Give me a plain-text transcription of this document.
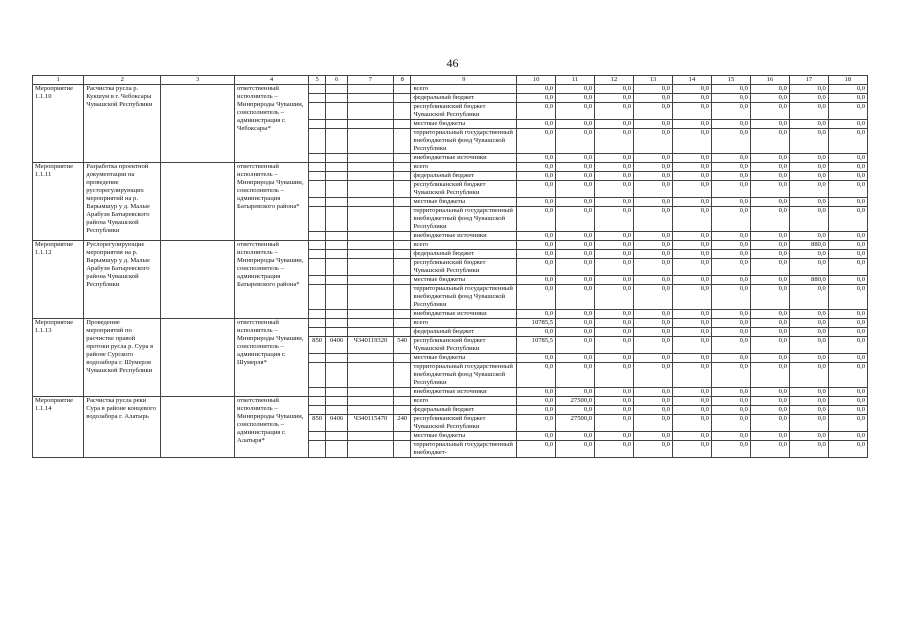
46
1	2	3	4	5	6	7	8	9	10	11	12	13	14	15	16	17	18
Мероприятие 1.1.10	Расчистка русла р. Кукшум в г. Чебоксары Чувашской Республики		ответственный исполнитель – Минприроды Чувашии, соисполнитель – администрация г. Чебоксары*					всего	0,0	0,0	0,0	0,0	0,0	0,0	0,0	0,0	0,0
								федеральный бюджет	0,0	0,0	0,0	0,0	0,0	0,0	0,0	0,0	0,0
								республиканский бюджет Чувашской Республики	0,0	0,0	0,0	0,0	0,0	0,0	0,0	0,0	0,0
								местные бюджеты	0,0	0,0	0,0	0,0	0,0	0,0	0,0	0,0	0,0
								территориальный государственный внебюджетный фонд Чувашской Республики	0,0	0,0	0,0	0,0	0,0	0,0	0,0	0,0	0,0
								внебюджетные источники	0,0	0,0	0,0	0,0	0,0	0,0	0,0	0,0	0,0
Мероприятие 1.1.11	Разработка проектной документации на проведение русторегулирующих мероприятий на р. Варымшур у д. Малые Арабузи Батыревского района Чувашской Республики		ответственный исполнитель – Минприроды Чувашии, соисполнитель – администрация Батыревского района*					всего	0,0	0,0	0,0	0,0	0,0	0,0	0,0	0,0	0,0
								федеральный бюджет	0,0	0,0	0,0	0,0	0,0	0,0	0,0	0,0	0,0
								республиканский бюджет Чувашской Республики	0,0	0,0	0,0	0,0	0,0	0,0	0,0	0,0	0,0
								местные бюджеты	0,0	0,0	0,0	0,0	0,0	0,0	0,0	0,0	0,0
								территориальный государственный внебюджетный фонд Чувашской Республики	0,0	0,0	0,0	0,0	0,0	0,0	0,0	0,0	0,0
								внебюджетные источники	0,0	0,0	0,0	0,0	0,0	0,0	0,0	0,0	0,0
Мероприятие 1.1.12	Руслорегулирующие мероприятия на р. Варымшур у д. Малые Арабузи Батыревского района Чувашской Республики		ответственный исполнитель – Минприроды Чувашии, соисполнитель – администрация Батыревского района*					всего	0,0	0,0	0,0	0,0	0,0	0,0	0,0	880,0	0,0
								федеральный бюджет	0,0	0,0	0,0	0,0	0,0	0,0	0,0	0,0	0,0
								республиканский бюджет Чувашской Республики	0,0	0,0	0,0	0,0	0,0	0,0	0,0	0,0	0,0
								местные бюджеты	0,0	0,0	0,0	0,0	0,0	0,0	0,0	880,0	0,0
								территориальный государственный внебюджетный фонд Чувашской Республики	0,0	0,0	0,0	0,0	0,0	0,0	0,0	0,0	0,0
								внебюджетные источники	0,0	0,0	0,0	0,0	0,0	0,0	0,0	0,0	0,0
Мероприятие 1.1.13	Проведение мероприятий по расчистке правой протоки русла р. Сура в районе Сурского водозабора г. Шумерля Чувашской Республики		ответственный исполнитель – Минприроды Чувашии, соисполнитель – администрация г. Шумерля*					всего	10785,5	0,0	0,0	0,0	0,0	0,0	0,0	0,0	0,0
								федеральный бюджет	0,0	0,0	0,0	0,0	0,0	0,0	0,0	0,0	0,0
				850	0406	Ч340119320	540	республиканский бюджет Чувашской Республики	10785,5	0,0	0,0	0,0	0,0	0,0	0,0	0,0	0,0
								местные бюджеты	0,0	0,0	0,0	0,0	0,0	0,0	0,0	0,0	0,0
								территориальный государственный внебюджетный фонд Чувашской Республики	0,0	0,0	0,0	0,0	0,0	0,0	0,0	0,0	0,0
								внебюджетные источники	0,0	0,0	0,0	0,0	0,0	0,0	0,0	0,0	0,0
Мероприятие 1.1.14	Расчистка русла реки Сура в районе концевого водозабора г. Алатырь		ответственный исполнитель – Минприроды Чувашии, соисполнитель – администрация г. Алатыря*					всего	0,0	27500,0	0,0	0,0	0,0	0,0	0,0	0,0	0,0
								федеральный бюджет	0,0	0,0	0,0	0,0	0,0	0,0	0,0	0,0	0,0
				850	0406	Ч340115470	240	республиканский бюджет Чувашской Республики	0,0	27500,0	0,0	0,0	0,0	0,0	0,0	0,0	0,0
								местные бюджеты	0,0	0,0	0,0	0,0	0,0	0,0	0,0	0,0	0,0
								территориальный государственный внебюджет-	0,0	0,0	0,0	0,0	0,0	0,0	0,0	0,0	0,0
